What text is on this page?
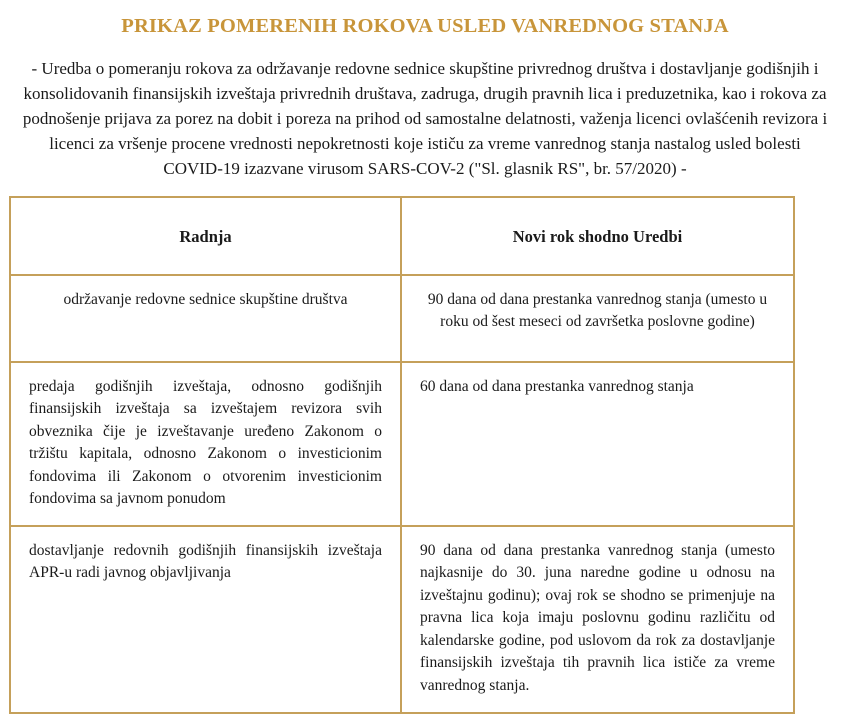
PRIKAZ POMERENIH ROKOVA USLED VANREDNOG STANJA

- Uredba o pomeranju rokova za održavanje redovne sednice skupštine privrednog društva i dostavljanje godišnjih i konsolidovanih finansijskih izveštaja privrednih društava, zadruga, drugih pravnih lica i preduzetnika, kao i rokova za podnošenje prijava za porez na dobit i poreza na prihod od samostalne delatnosti, važenja licenci ovlašćenih revizora i licenci za vršenje procene vrednosti nepokretnosti koje ističu za vreme vanrednog stanja nastalog usled bolesti COVID-19 izazvane virusom SARS-COV-2 ("Sl. glasnik RS", br. 57/2020) -

Radnja	Novi rok shodno Uredbi
održavanje redovne sednice skupštine društva	90 dana od dana prestanka vanrednog stanja (umesto u roku od šest meseci od završetka poslovne godine)
predaja godišnjih izveštaja, odnosno godišnjih finansijskih izveštaja sa izveštajem revizora svih obveznika čije je izveštavanje uređeno Zakonom o tržištu kapitala, odnosno Zakonom o investicionim fondovima ili Zakonom o otvorenim investicionim fondovima sa javnom ponudom	60 dana od dana prestanka vanrednog stanja
dostavljanje redovnih godišnjih finansijskih izveštaja APR-u radi javnog objavljivanja	90 dana od dana prestanka vanrednog stanja (umesto najkasnije do 30. juna naredne godine u odnosu na izveštajnu godinu); ovaj rok se shodno se primenjuje na pravna lica koja imaju poslovnu godinu različitu od kalendarske godine, pod uslovom da rok za dostavljanje finansijskih izveštaja tih pravnih lica ističe za vreme vanrednog stanja.
